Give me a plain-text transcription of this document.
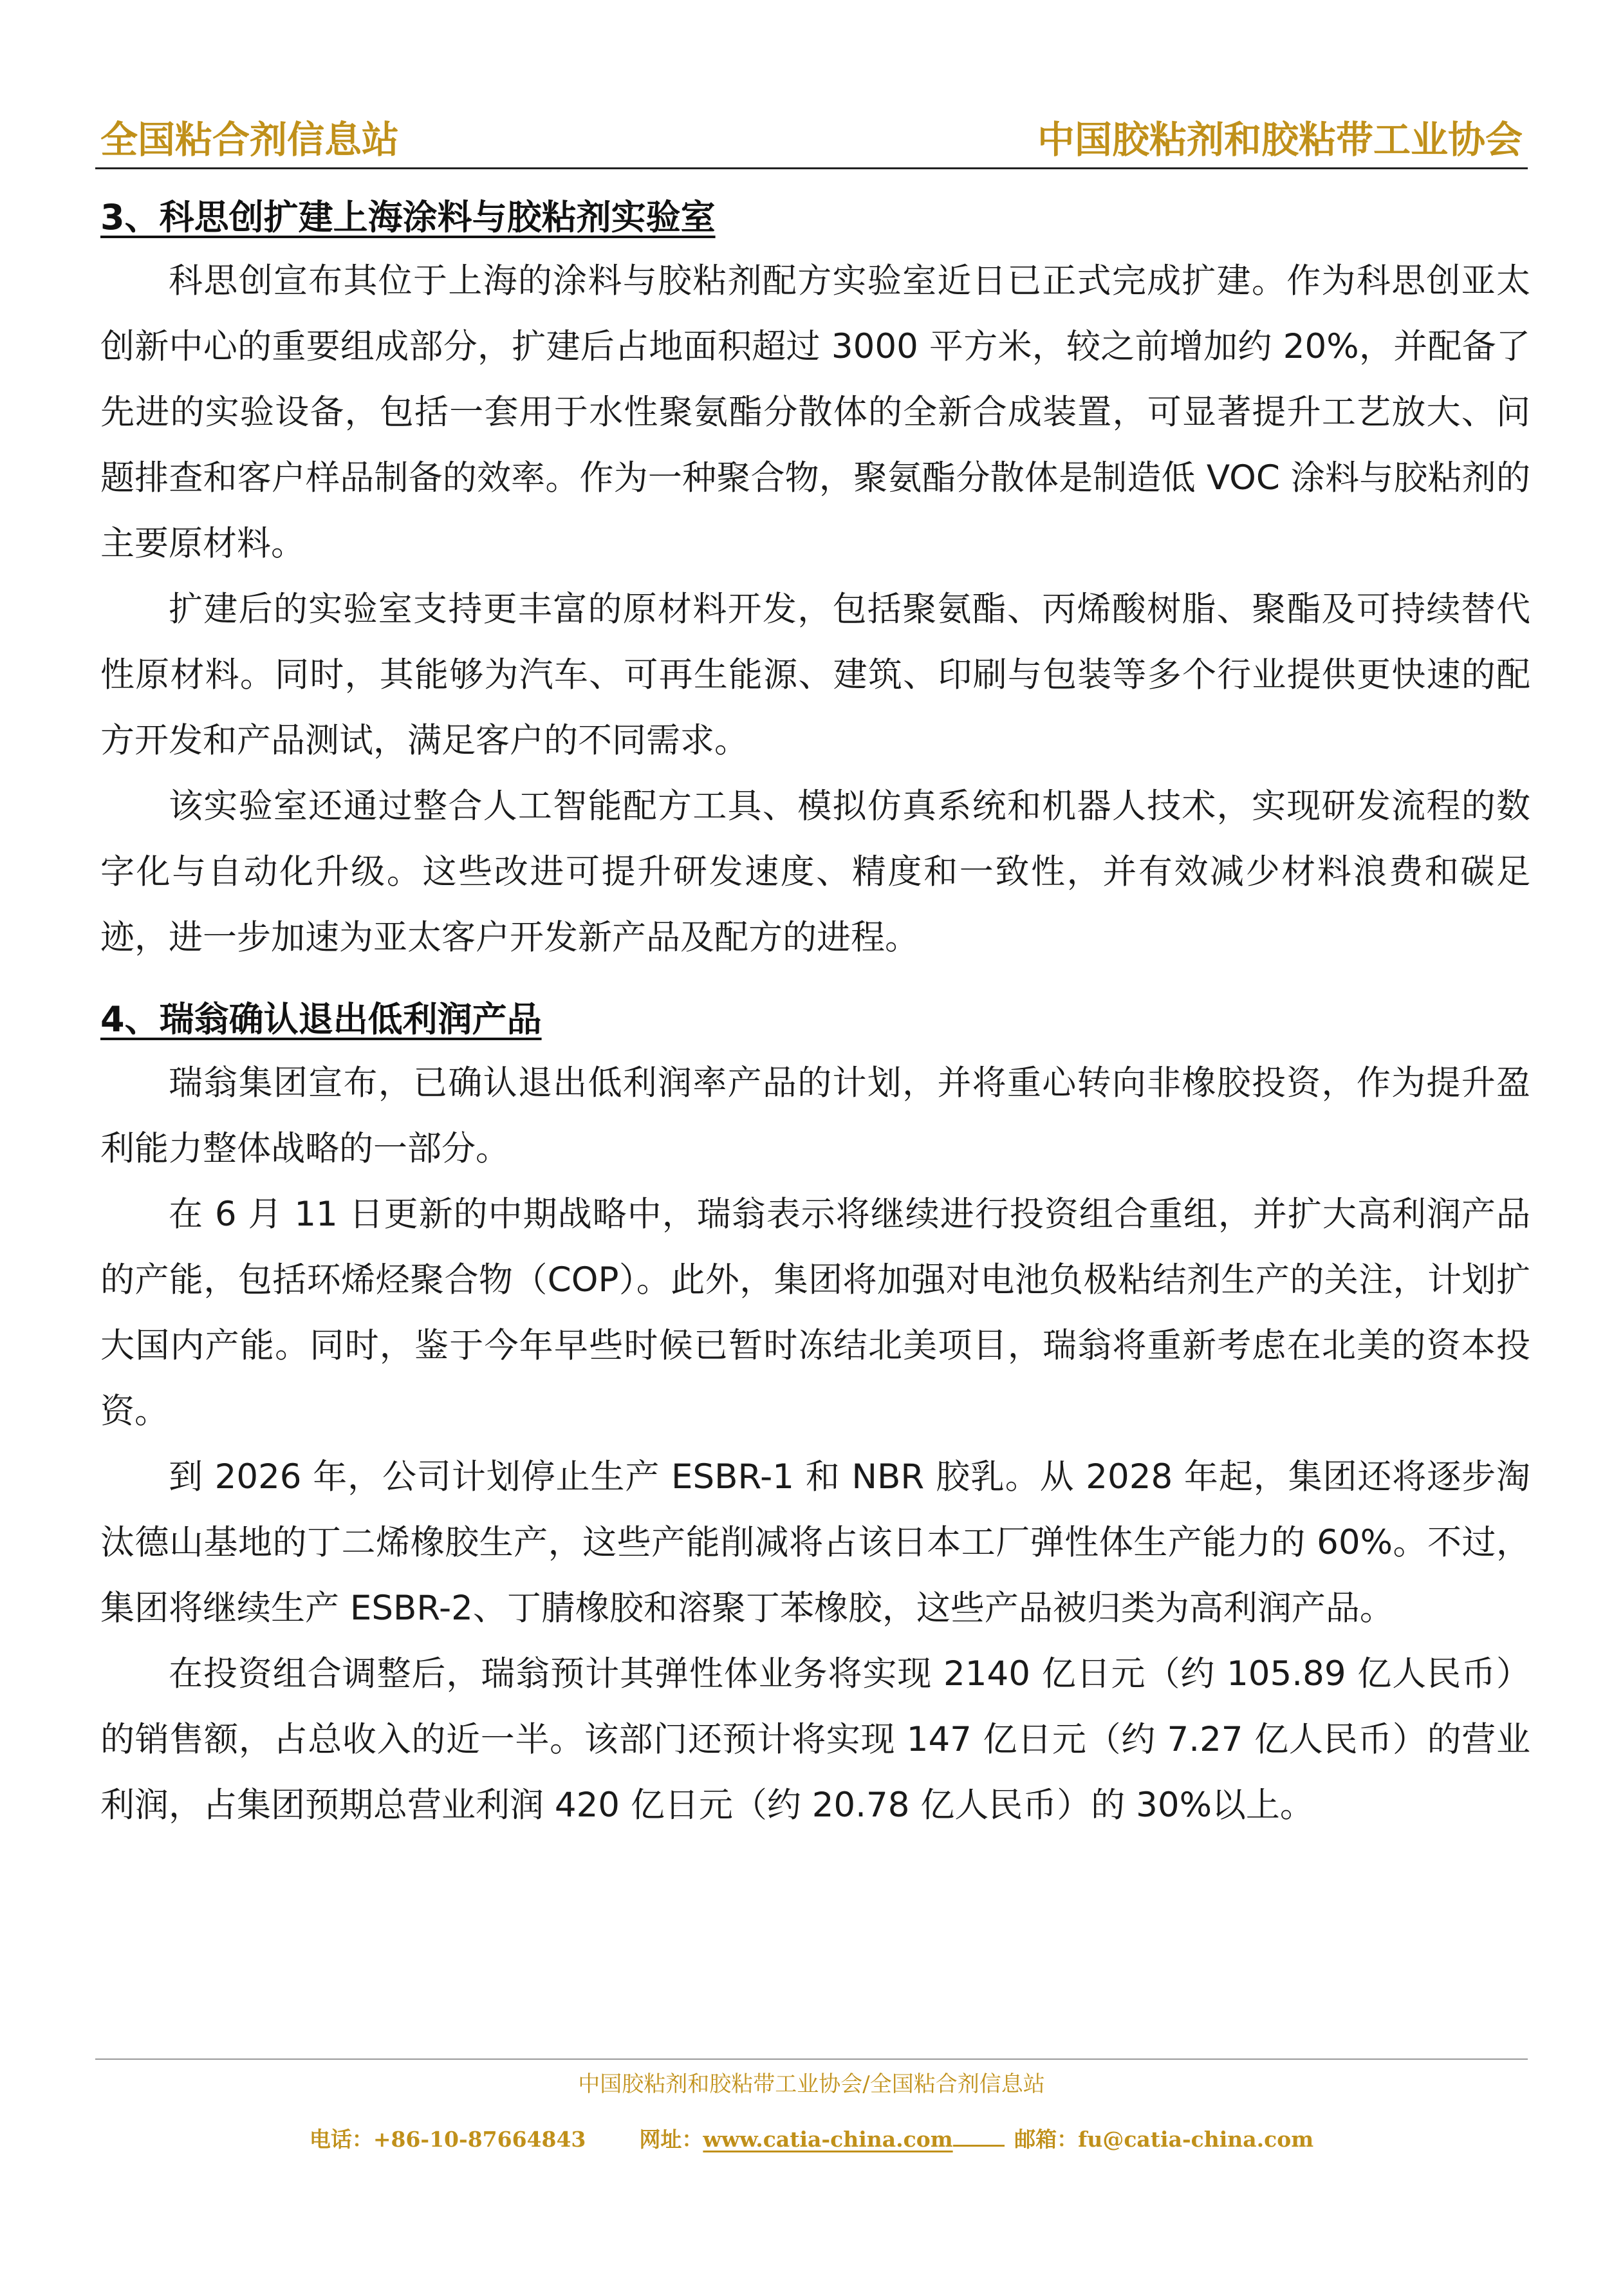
全国粘合剂信息站	中国胶粘剂和胶粘带工业协会
3、科思创扩建上海涂料与胶粘剂实验室

科思创宣布其位于上海的涂料与胶粘剂配方实验室近日已正式完成扩建。作为科思创亚太创新中心的重要组成部分，扩建后占地面积超过 3000 平方米，较之前增加约 20%，并配备了先进的实验设备，包括一套用于水性聚氨酯分散体的全新合成装置，可显著提升工艺放大、问题排查和客户样品制备的效率。作为一种聚合物，聚氨酯分散体是制造低 VOC 涂料与胶粘剂的主要原材料。

扩建后的实验室支持更丰富的原材料开发，包括聚氨酯、丙烯酸树脂、聚酯及可持续替代性原材料。同时，其能够为汽车、可再生能源、建筑、印刷与包装等多个行业提供更快速的配方开发和产品测试，满足客户的不同需求。

该实验室还通过整合人工智能配方工具、模拟仿真系统和机器人技术，实现研发流程的数字化与自动化升级。这些改进可提升研发速度、精度和一致性，并有效减少材料浪费和碳足迹，进一步加速为亚太客户开发新产品及配方的进程。

4、瑞翁确认退出低利润产品

瑞翁集团宣布，已确认退出低利润率产品的计划，并将重心转向非橡胶投资，作为提升盈利能力整体战略的一部分。

在 6 月 11 日更新的中期战略中，瑞翁表示将继续进行投资组合重组，并扩大高利润产品的产能，包括环烯烃聚合物（COP）。此外，集团将加强对电池负极粘结剂生产的关注，计划扩大国内产能。同时，鉴于今年早些时候已暂时冻结北美项目，瑞翁将重新考虑在北美的资本投资。

到 2026 年，公司计划停止生产 ESBR-1 和 NBR 胶乳。从 2028 年起，集团还将逐步淘汰德山基地的丁二烯橡胶生产，这些产能削减将占该日本工厂弹性体生产能力的 60%。不过，集团将继续生产 ESBR-2、丁腈橡胶和溶聚丁苯橡胶，这些产品被归类为高利润产品。

在投资组合调整后，瑞翁预计其弹性体业务将实现 2140 亿日元（约 105.89 亿人民币）的销售额，占总收入的近一半。该部门还预计将实现 147 亿日元（约 7.27 亿人民币）的营业利润，占集团预期总营业利润 420 亿日元（约 20.78 亿人民币）的 30%以上。

中国胶粘剂和胶粘带工业协会/全国粘合剂信息站
电话：+86-10-87664843	网址：www.catia-china.com	邮箱：fu@catia-china.com
